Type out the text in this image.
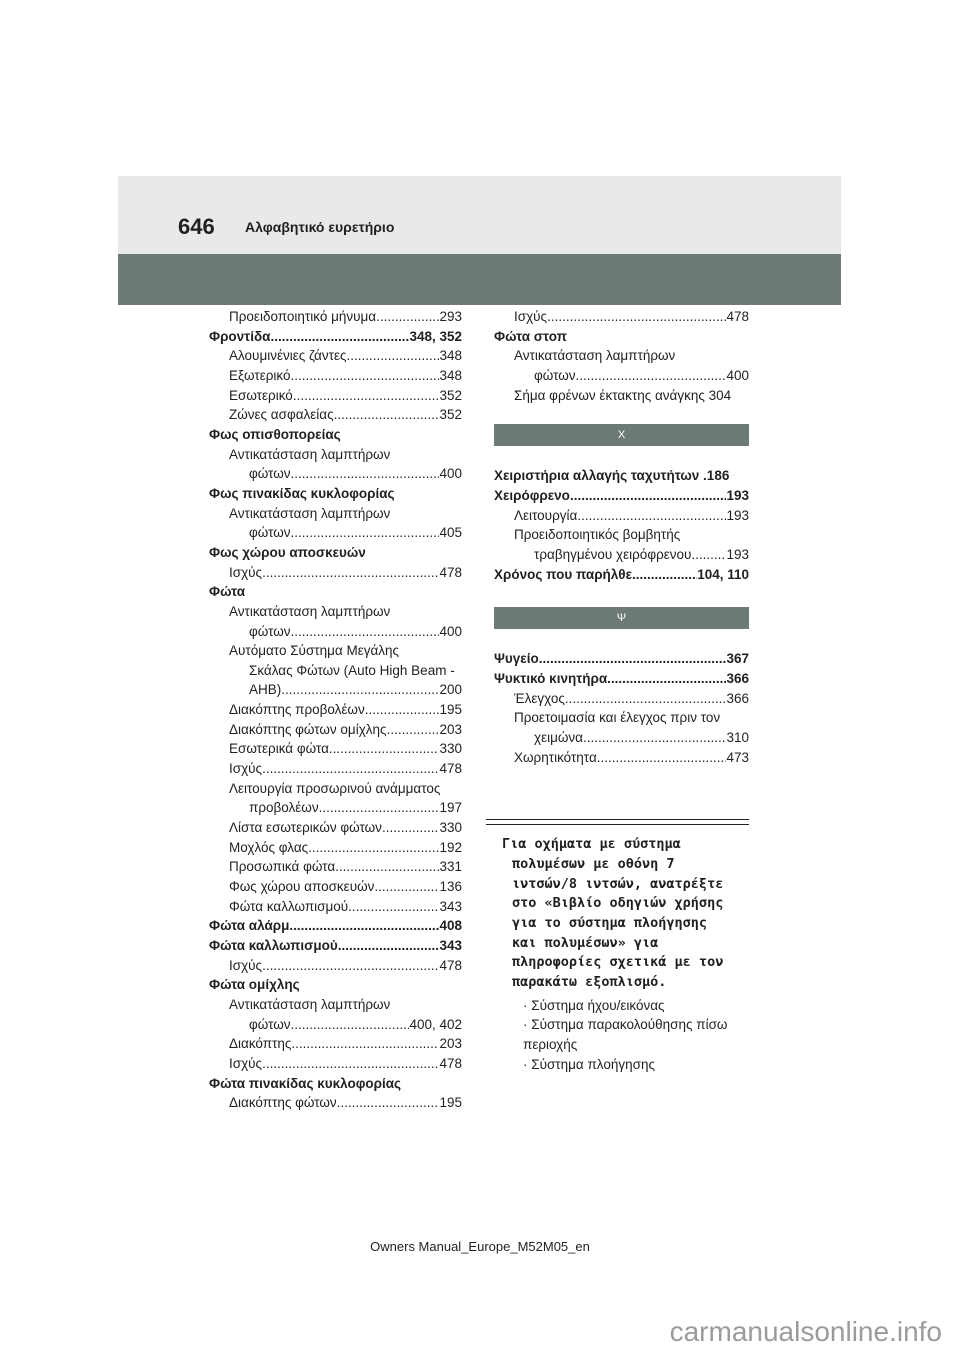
646 Αλφαβητικό ευρετήριο
Προειδοποιητικό μήνυμα .....	293
Φροντίδα .....	348, 352
Αλουμινένιες ζάντες .....	348
Εξωτερικό .....	348
Εσωτερικό .....	352
Ζώνες ασφαλείας .....	352
Φως οπισθοπορείας
Αντικατάσταση λαμπτήρων
φώτων .....	400
Φως πινακίδας κυκλοφορίας
Αντικατάσταση λαμπτήρων
φώτων .....	405
Φως χώρου αποσκευών
Ισχύς .....	478
Φώτα
Αντικατάσταση λαμπτήρων
φώτων .....	400
Αυτόματο Σύστημα Μεγάλης
Σκάλας Φώτων (Auto High Beam -
AHB) .....	200
Διακόπτης προβολέων .....	195
Διακόπτης φώτων ομίχλης .....	203
Εσωτερικά φώτα .....	330
Ισχύς .....	478
Λειτουργία προσωρινού ανάμματος
προβολέων .....	197
Λίστα εσωτερικών φώτων .....	330
Μοχλός φλας .....	192
Προσωπικά φώτα .....	331
Φως χώρου αποσκευών .....	136
Φώτα καλλωπισμού .....	343
Φώτα αλάρμ .....	408
Φώτα καλλωπισμού .....	343
Ισχύς .....	478
Φώτα ομίχλης
Αντικατάσταση λαμπτήρων
φώτων .....	400, 402
Διακόπτης .....	203
Ισχύς .....	478
Φώτα πινακίδας κυκλοφορίας
Διακόπτης φώτων .....	195
Ισχύς .....	478
Φώτα στοπ
Αντικατάσταση λαμπτήρων
φώτων .....	400
Σήμα φρένων έκτακτης ανάγκης 304
Χ
Χειριστήρια αλλαγής ταχυτήτων .186
Χειρόφρενο .....	193
Λειτουργία .....	193
Προειδοποιητικός βομβητής
τραβηγμένου χειρόφρενου .....	193
Χρόνος που παρήλθε .....	104, 110
Ψ
Ψυγείο .....	367
Ψυκτικό κινητήρα .....	366
Έλεγχος .....	366
Προετοιμασία και έλεγχος πριν τον
χειμώνα .....	310
Χωρητικότητα .....	473
Για οχήματα με σύστημα
πολυμέσων με οθόνη 7
ιντσών/8 ιντσών, ανατρέξτε
στο «Βιβλίο οδηγιών χρήσης
για το σύστημα πλοήγησης
και πολυμέσων» για
πληροφορίες σχετικά με τον
παρακάτω εξοπλισμό.
· Σύστημα ήχου/εικόνας
· Σύστημα παρακολούθησης πίσω περιοχής
· Σύστημα πλοήγησης
Owners Manual_Europe_M52M05_en
carmanualsonline.info
